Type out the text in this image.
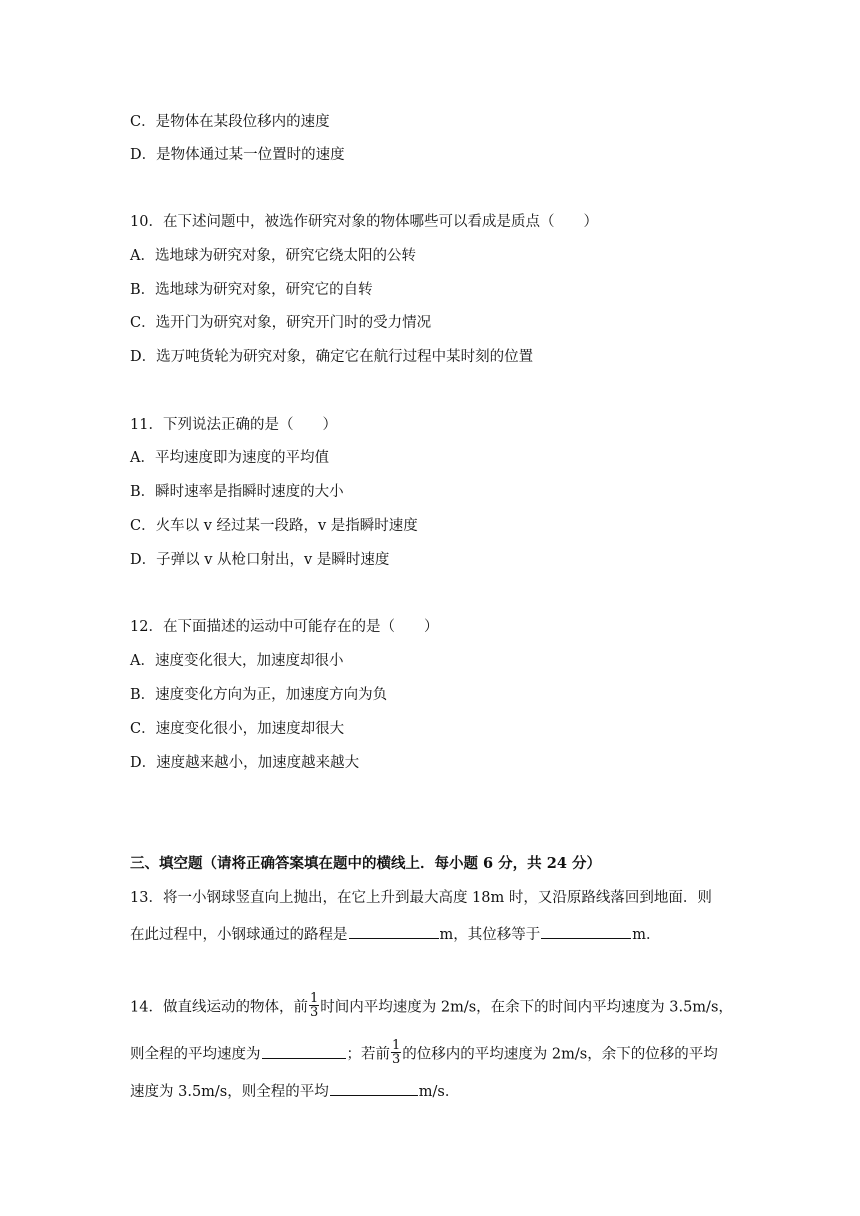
C．是物体在某段位移内的速度
D．是物体通过某一位置时的速度
10．在下述问题中，被选作研究对象的物体哪些可以看成是质点（　　）
A．选地球为研究对象，研究它绕太阳的公转
B．选地球为研究对象，研究它的自转
C．选开门为研究对象，研究开门时的受力情况
D．选万吨货轮为研究对象，确定它在航行过程中某时刻的位置
11．下列说法正确的是（　　）
A．平均速度即为速度的平均值
B．瞬时速率是指瞬时速度的大小
C．火车以 v 经过某一段路，v 是指瞬时速度
D．子弹以 v 从枪口射出，v 是瞬时速度
12．在下面描述的运动中可能存在的是（　　）
A．速度变化很大，加速度却很小
B．速度变化方向为正，加速度方向为负
C．速度变化很小，加速度却很大
D．速度越来越小，加速度越来越大
三、填空题（请将正确答案填在题中的横线上．每小题 6 分，共 24 分）
13．将一小钢球竖直向上抛出，在它上升到最大高度 18m 时，又沿原路线落回到地面．则
在此过程中，小钢球通过的路程是	m，其位移等于	m．
14．做直线运动的物体，前 $\frac{1}{3}$ 时间内平均速度为 2m/s，在余下的时间内平均速度为 3.5m/s，
则全程的平均速度为	；若前 $\frac{1}{3}$ 的位移内的平均速度为 2m/s，余下的位移的平均
速度为 3.5m/s，则全程的平均	m/s．
